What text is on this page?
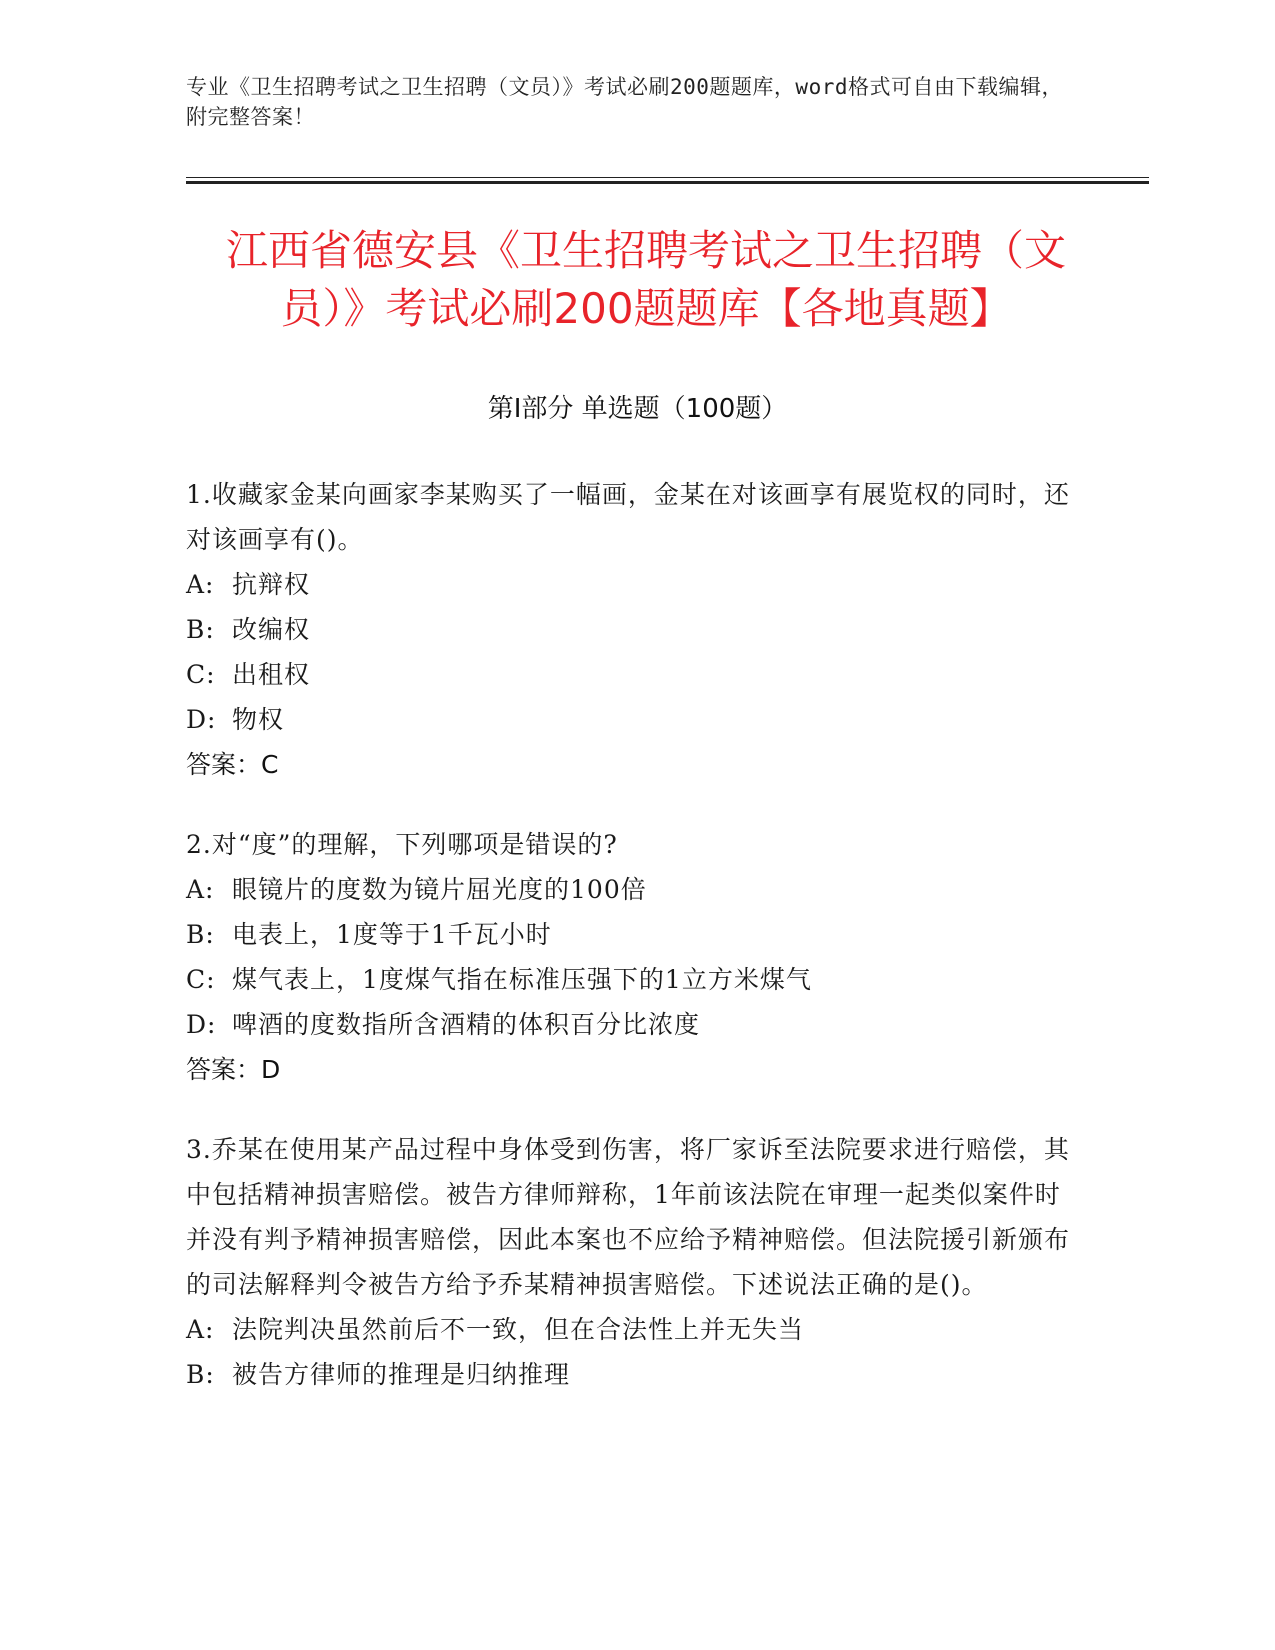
专业《卫生招聘考试之卫生招聘（文员）》考试必刷200题题库，word格式可自由下载编辑，附完整答案！
江西省德安县《卫生招聘考试之卫生招聘（文员）》考试必刷200题题库【各地真题】
第I部分 单选题（100题）
1.收藏家金某向画家李某购买了一幅画，金某在对该画享有展览权的同时，还对该画享有()。
A: 抗辩权
B: 改编权
C: 出租权
D: 物权
答案：C
2.对“度”的理解，下列哪项是错误的?
A: 眼镜片的度数为镜片屈光度的100倍
B: 电表上，1度等于1千瓦小时
C: 煤气表上，1度煤气指在标准压强下的1立方米煤气
D: 啤酒的度数指所含酒精的体积百分比浓度
答案：D
3.乔某在使用某产品过程中身体受到伤害，将厂家诉至法院要求进行赔偿，其中包括精神损害赔偿。被告方律师辩称，1年前该法院在审理一起类似案件时并没有判予精神损害赔偿，因此本案也不应给予精神赔偿。但法院援引新颁布的司法解释判令被告方给予乔某精神损害赔偿。下述说法正确的是()。
A: 法院判决虽然前后不一致，但在合法性上并无失当
B: 被告方律师的推理是归纳推理
